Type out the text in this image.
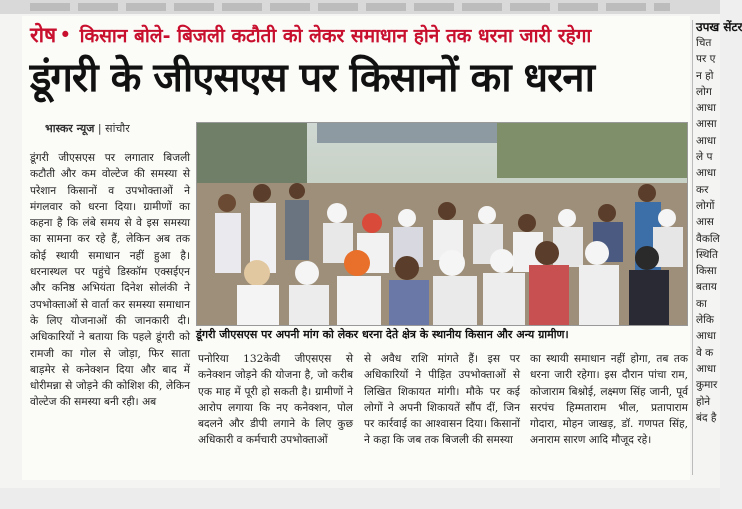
रोष • किसान बोले- बिजली कटौती को लेकर समाधान होने तक धरना जारी रहेगा
डूंगरी के जीएसएस पर किसानों का धरना
भास्कर न्यूज | सांचौर
डूंगरी जीएसएस पर लगातार बिजली कटौती और कम वोल्टेज की समस्या से परेशान किसानों व उपभोक्ताओं ने मंगलवार को धरना दिया। ग्रामीणों का कहना है कि लंबे समय से वे इस समस्या का सामना कर रहे हैं, लेकिन अब तक कोई स्थायी समाधान नहीं हुआ है। धरनास्थल पर पहुंचे डिस्कॉम एक्सईएन और कनिष्ठ अभियंता दिनेश सोलंकी ने उपभोक्ताओं से वार्ता कर समस्या समाधान के लिए योजनाओं की जानकारी दी। अधिकारियों ने बताया कि पहले डूंगरी को रामजी का गोल से जोड़ा, फिर साता बाड़मेर से कनेक्शन दिया और बाद में धोरीमन्ना से जोड़ने की कोशिश की, लेकिन वोल्टेज की समस्या बनी रही। अब
डूंगरी जीएसएस पर अपनी मांग को लेकर धरना देते क्षेत्र के स्थानीय किसान और अन्य ग्रामीण।
पनोरिया 132केवी जीएसएस से कनेक्शन जोड़ने की योजना है, जो करीब एक माह में पूरी हो सकती है। ग्रामीणों ने आरोप लगाया कि नए कनेक्शन, पोल बदलने और डीपी लगाने के लिए कुछ अधिकारी व कर्मचारी उपभोक्ताओं
से अवैध राशि मांगते हैं। इस पर अधिकारियों ने पीड़ित उपभोक्ताओं से लिखित शिकायत मांगी। मौके पर कई लोगों ने अपनी शिकायतें सौंप दीं, जिन पर कार्रवाई का आश्वासन दिया। किसानों ने कहा कि जब तक बिजली की समस्या
का स्थायी समाधान नहीं होगा, तब तक धरना जारी रहेगा। इस दौरान पांचा राम, कोजाराम बिश्नोई, लक्ष्मण सिंह जानी, पूर्व सरपंच हिम्मताराम भील, प्रतापाराम गोदारा, मोहन जाखड़, डॉ. गणपत सिंह, अनाराम सारण आदि मौजूद रहे।
उपख सेंटर
चित
पर ए
न हो
लोग
आधा
आसा
आधा
ले प
आधा
कर
लोगों
आस
वैकलि
स्थिति
किसा
बताय
का
लेकि
आधा
वे क
आधा
कुमार
होने
बंद है
